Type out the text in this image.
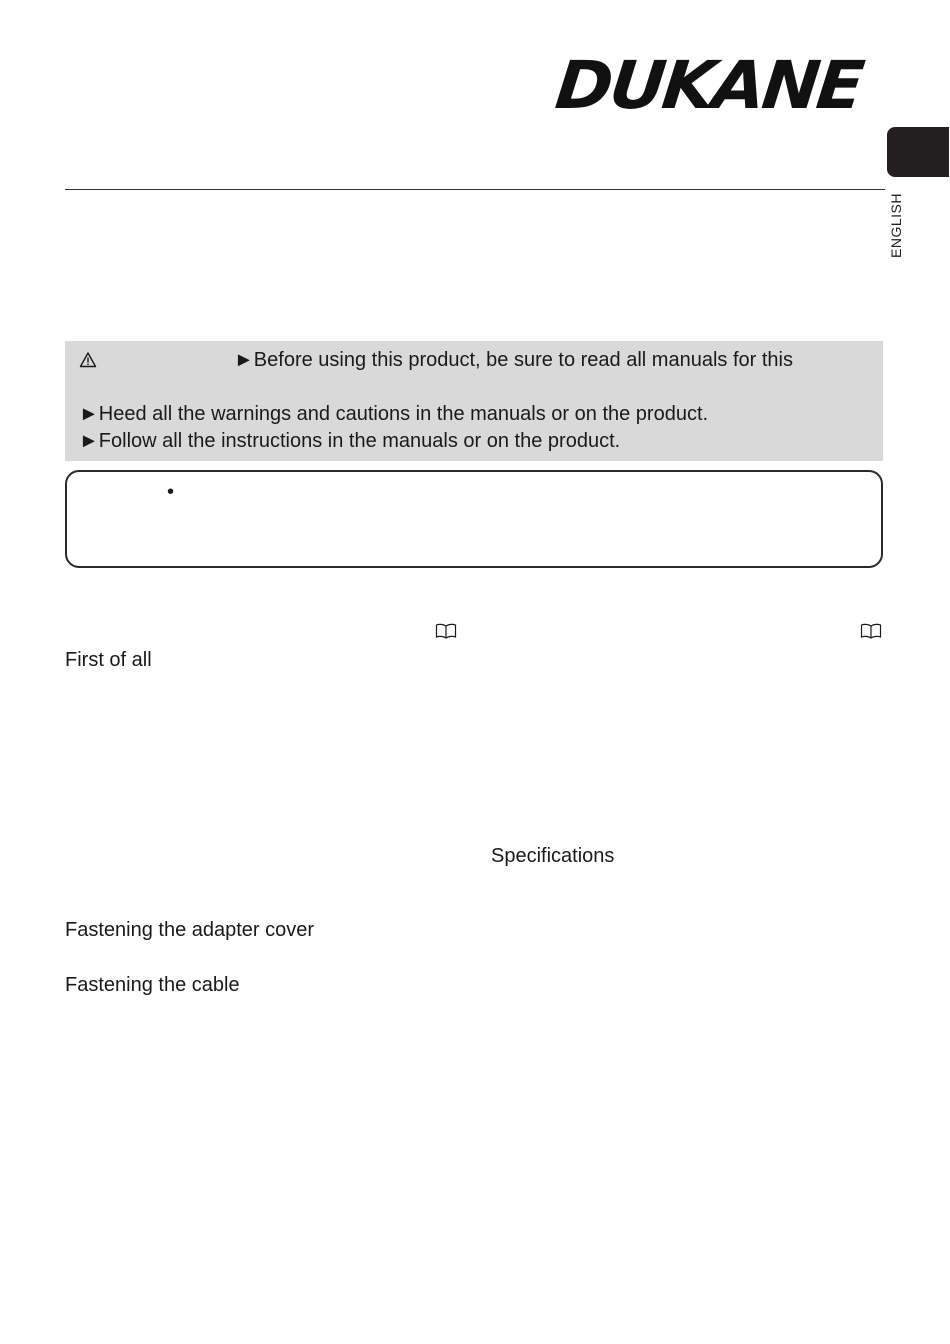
DUKANE
ENGLISH
►Before using this product, be sure to read all manuals for this
►Heed all the warnings and cautions in the manuals or on the product.
►Follow all the instructions in the manuals or on the product.
•
First of all
Specifications
Fastening the adapter cover
Fastening the cable
